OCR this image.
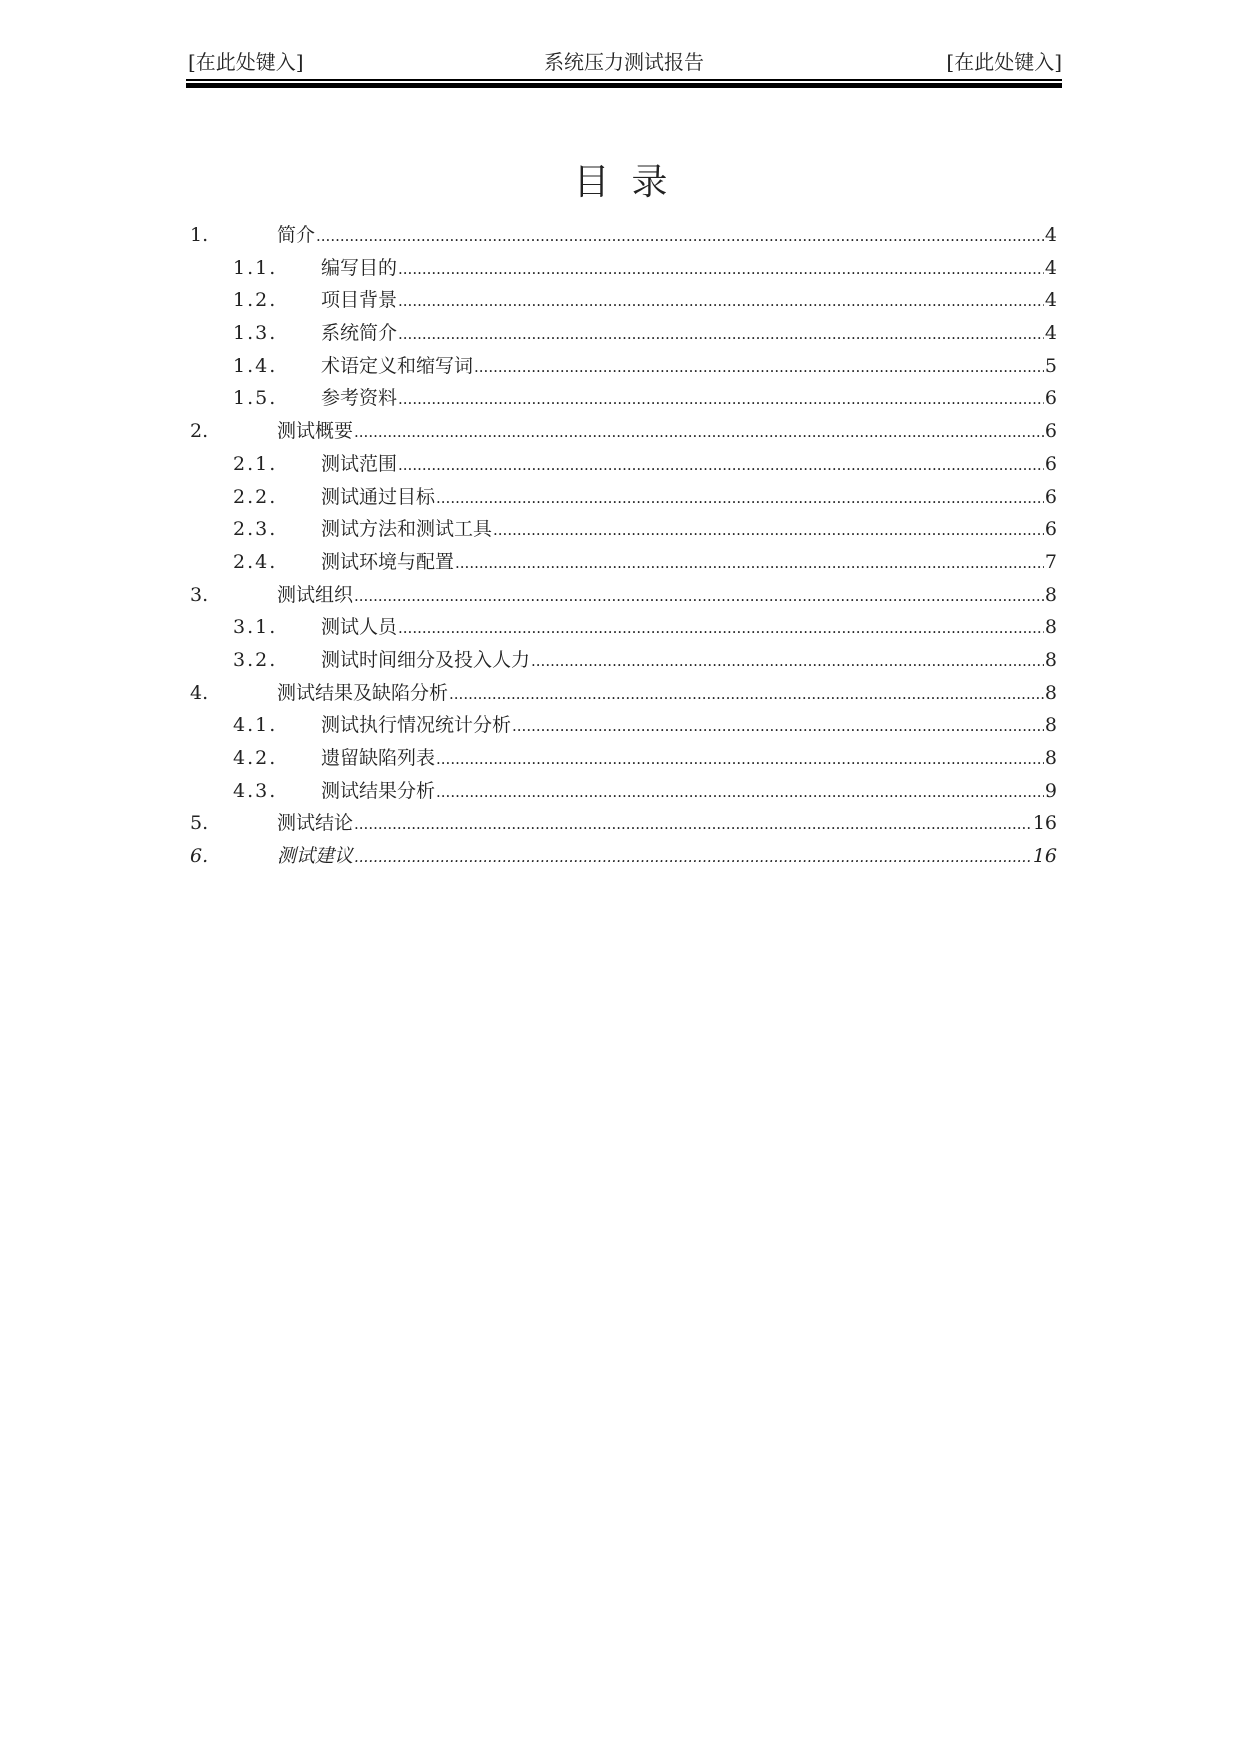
[在此处键入]	系统压力测试报告	[在此处键入]
目录
1.	简介 .....	4
1.1. 编写目的 .....	4
1.2. 项目背景 .....	4
1.3. 系统简介 .....	4
1.4. 术语定义和缩写词 .....	5
1.5. 参考资料 .....	6
2.	测试概要 .....	6
2.1. 测试范围 .....	6
2.2. 测试通过目标 .....	6
2.3. 测试方法和测试工具 .....	6
2.4. 测试环境与配置 .....	7
3.	测试组织 .....	8
3.1. 测试人员 .....	8
3.2. 测试时间细分及投入人力 .....	8
4.	测试结果及缺陷分析 .....	8
4.1. 测试执行情况统计分析 .....	8
4.2. 遗留缺陷列表 .....	8
4.3. 测试结果分析 .....	9
5.	测试结论 .....	16
6.	测试建议 .....	16
